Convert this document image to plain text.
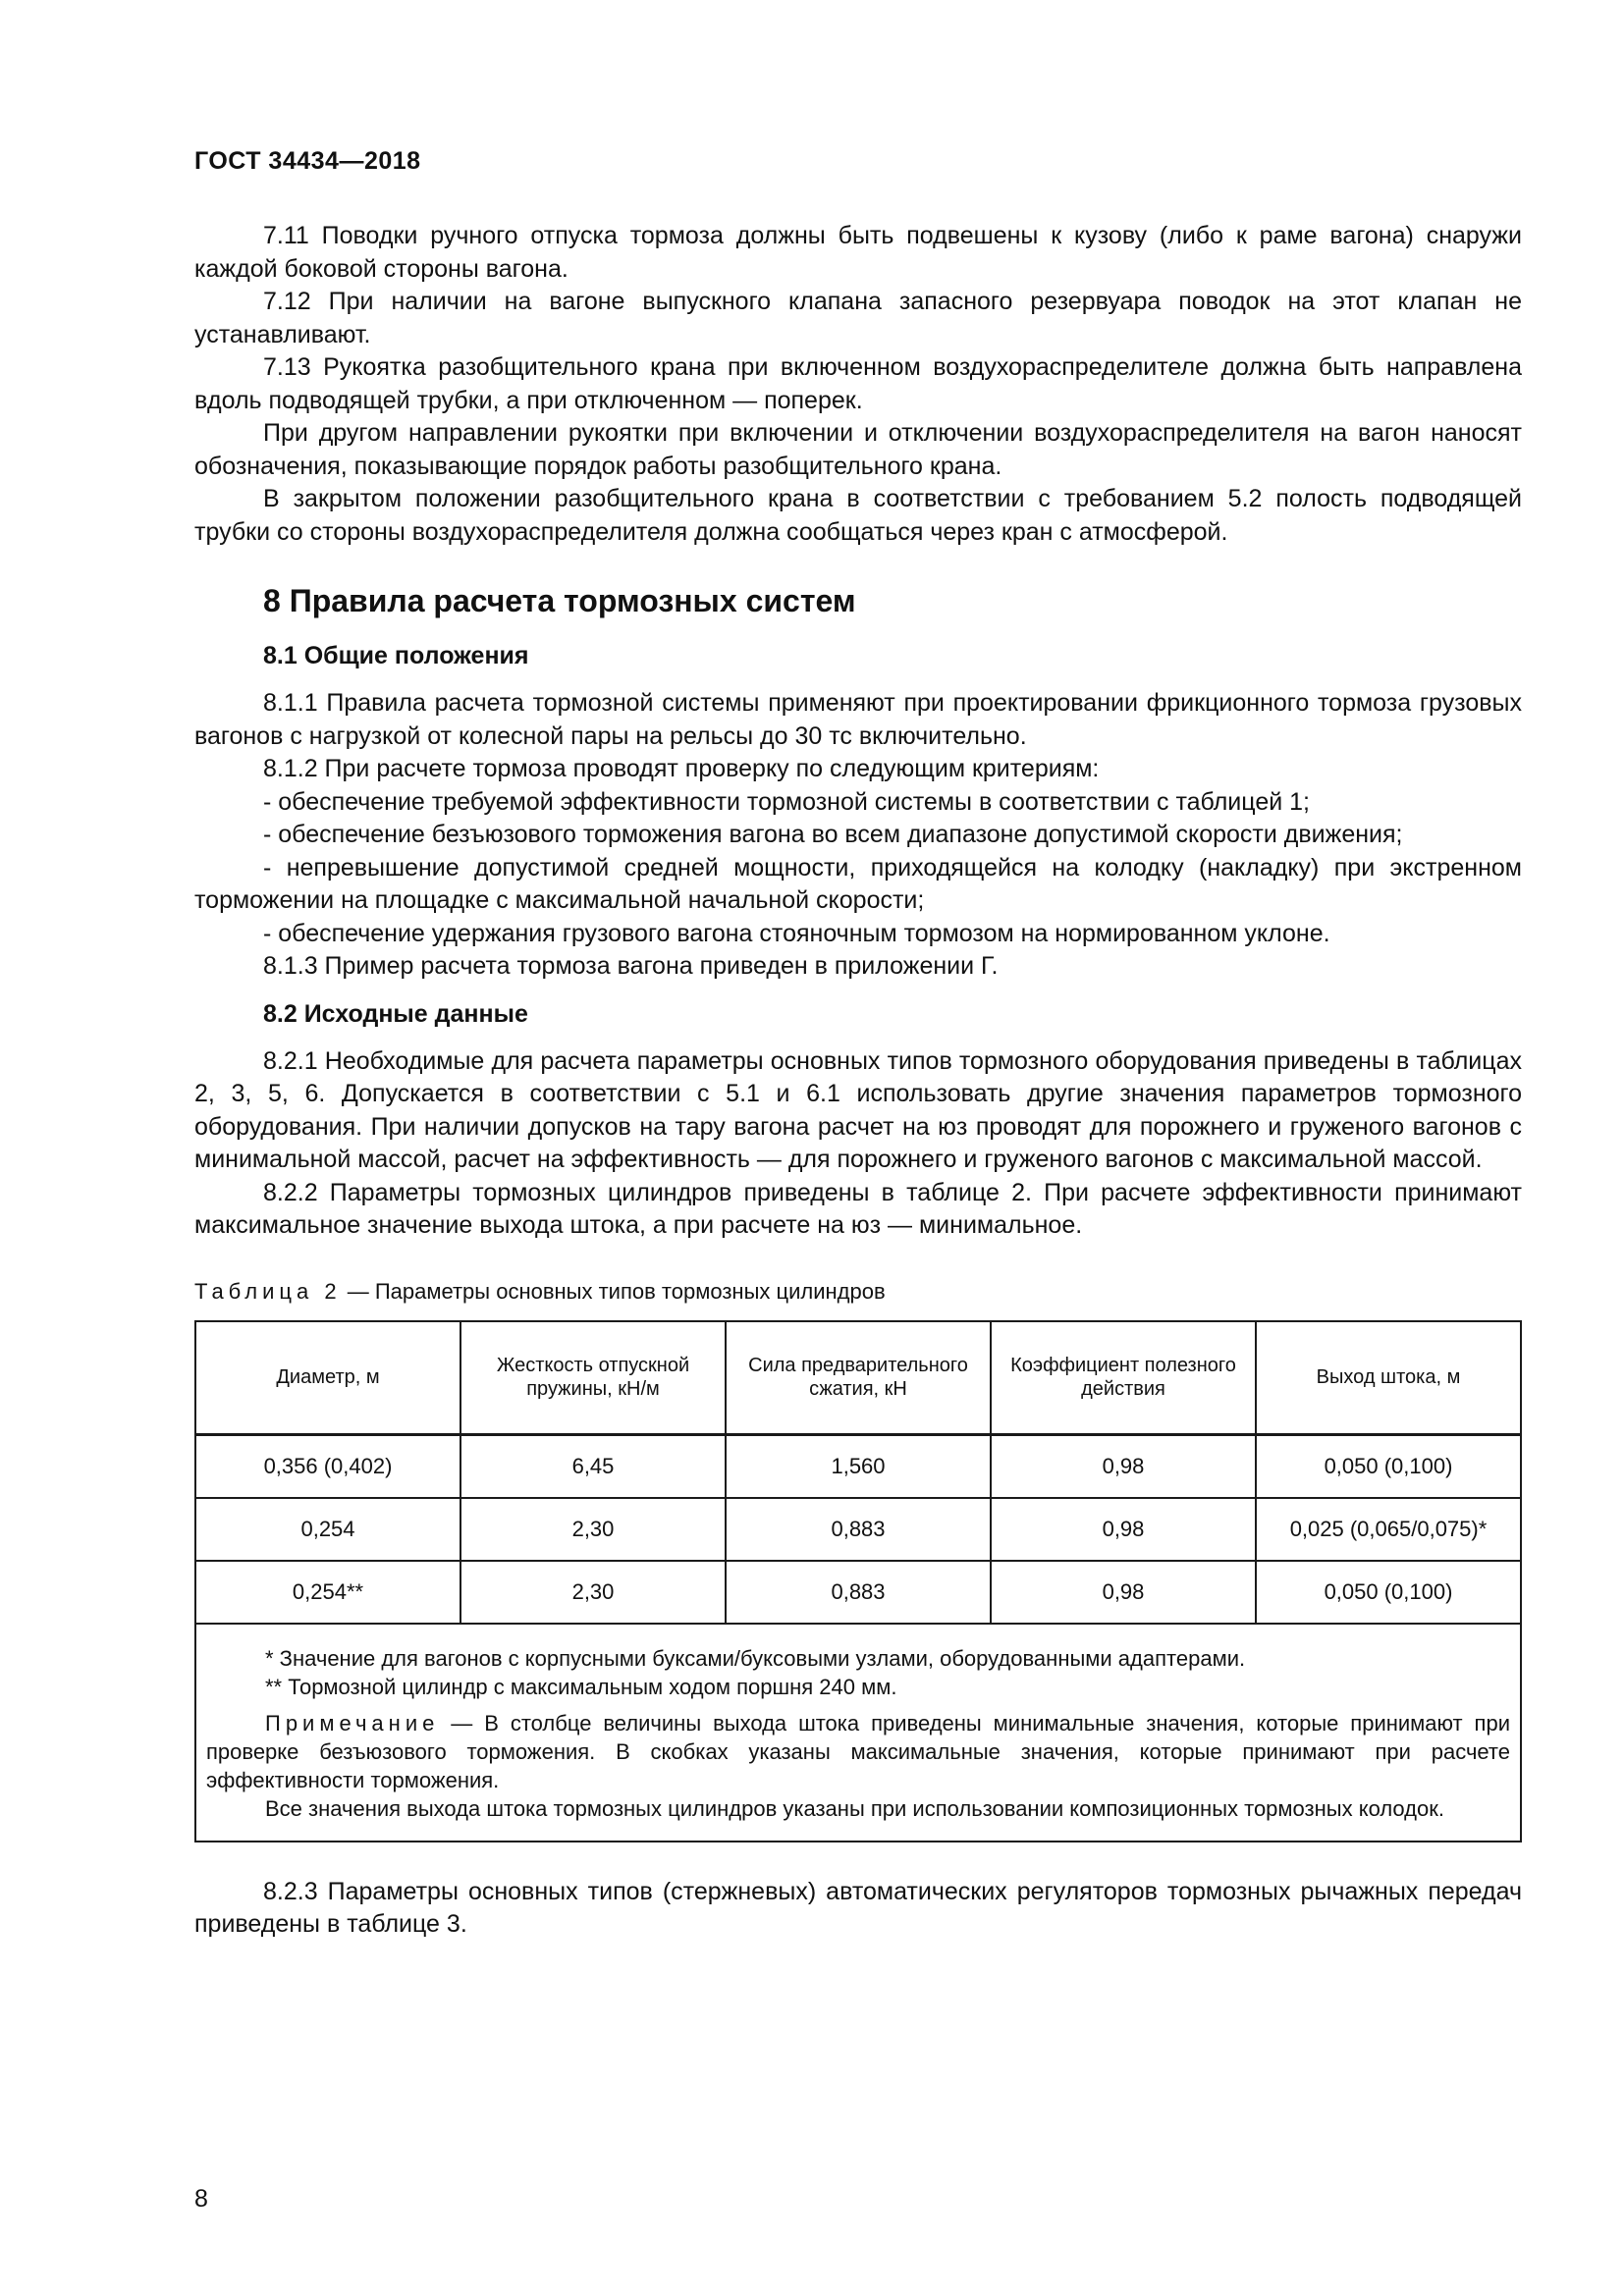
ГОСТ 34434—2018

7.11 Поводки ручного отпуска тормоза должны быть подвешены к кузову (либо к раме вагона) снаружи каждой боковой стороны вагона.

7.12 При наличии на вагоне выпускного клапана запасного резервуара поводок на этот клапан не устанавливают.

7.13 Рукоятка разобщительного крана при включенном воздухораспределителе должна быть направлена вдоль подводящей трубки, а при отключенном — поперек.

При другом направлении рукоятки при включении и отключении воздухораспределителя на вагон наносят обозначения, показывающие порядок работы разобщительного крана.

В закрытом положении разобщительного крана в соответствии с требованием 5.2 полость подводящей трубки со стороны воздухораспределителя должна сообщаться через кран с атмосферой.

8 Правила расчета тормозных систем
8.1 Общие положения

8.1.1 Правила расчета тормозной системы применяют при проектировании фрикционного тормоза грузовых вагонов с нагрузкой от колесной пары на рельсы до 30 тс включительно.

8.1.2 При расчете тормоза проводят проверку по следующим критериям:

- обеспечение требуемой эффективности тормозной системы в соответствии с таблицей 1;

- обеспечение безъюзового торможения вагона во всем диапазоне допустимой скорости движения;

- непревышение допустимой средней мощности, приходящейся на колодку (накладку) при экстренном торможении на площадке с максимальной начальной скорости;

- обеспечение удержания грузового вагона стояночным тормозом на нормированном уклоне.

8.1.3 Пример расчета тормоза вагона приведен в приложении Г.

8.2 Исходные данные

8.2.1 Необходимые для расчета параметры основных типов тормозного оборудования приведены в таблицах 2, 3, 5, 6. Допускается в соответствии с 5.1 и 6.1 использовать другие значения параметров тормозного оборудования. При наличии допусков на тару вагона расчет на юз проводят для порожнего и груженого вагонов с минимальной массой, расчет на эффективность — для порожнего и груженого вагонов с максимальной массой.

8.2.2 Параметры тормозных цилиндров приведены в таблице 2. При расчете эффективности принимают максимальное значение выхода штока, а при расчете на юз — минимальное.

Таблица 2 — Параметры основных типов тормозных цилиндров
Диаметр, м	Жесткость отпускной пружины, кН/м	Сила предварительного сжатия, кН	Коэффициент полезного действия	Выход штока, м
0,356 (0,402)	6,45	1,560	0,98	0,050 (0,100)
0,254	2,30	0,883	0,98	0,025 (0,065/0,075)*
0,254**	2,30	0,883	0,98	0,050 (0,100)

* Значение для вагонов с корпусными буксами/буксовыми узлами, оборудованными адаптерами.

** Тормозной цилиндр с максимальным ходом поршня 240 мм.

Примечание — В столбце величины выхода штока приведены минимальные значения, которые принимают при проверке безъюзового торможения. В скобках указаны максимальные значения, которые принимают при расчете эффективности торможения.

Все значения выхода штока тормозных цилиндров указаны при использовании композиционных тормозных колодок.				

8.2.3 Параметры основных типов (стержневых) автоматических регуляторов тормозных рычажных передач приведены в таблице 3.

8
